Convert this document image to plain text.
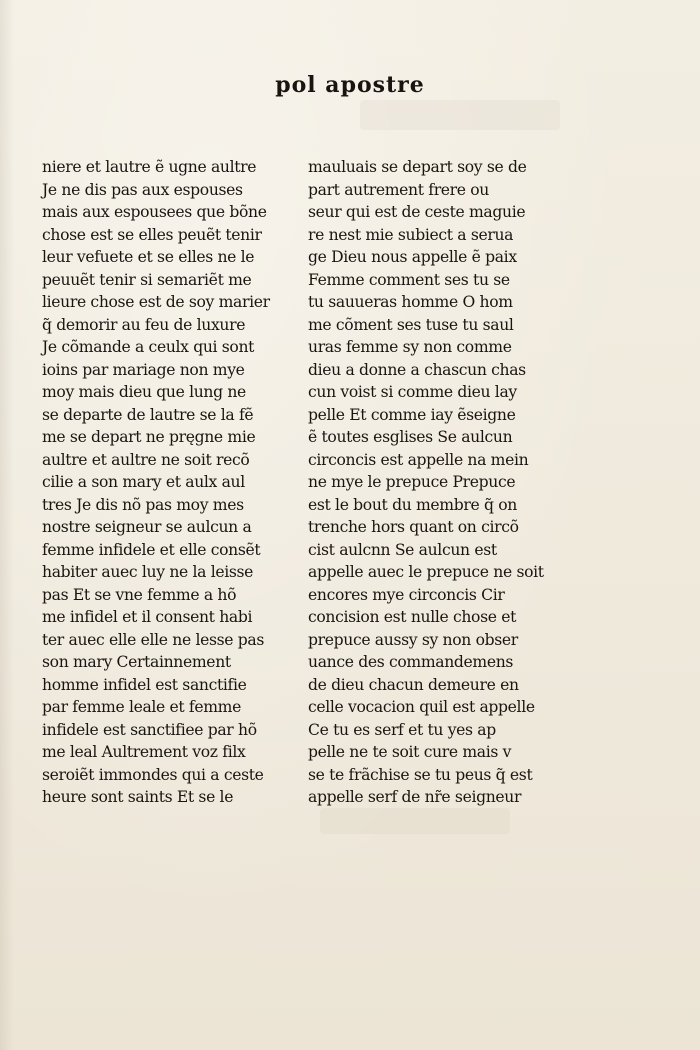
pol apostre
niere et lautre ẽ ugne aultre
Je ne dis pas aux espouses
mais aux espousees que bõne
chose est se elles peuẽt tenir
leur vefuete et se elles ne le
peuuẽt tenir si semariẽt me
lieure chose est de soy marier
q̃ demorir au feu de luxure
Je cõmande a ceulx qui sont
ioins par mariage non mye
moy mais dieu que lung ne
se departe de lautre se la fẽ
me se depart ne pręgne mie
aultre et aultre ne soit recõ
cilie a son mary et aulx aul
tres Je dis nõ pas moy mes
nostre seigneur se aulcun a
femme infidele et elle consẽt
habiter auec luy ne la leisse
pas Et se vne femme a hõ
me infidel et il consent habi
ter auec elle elle ne lesse pas
son mary Certainnement
homme infidel est sanctifie
par femme leale et femme
infidele est sanctifiee par hõ
me leal Aultrement voz filx
seroiẽt immondes qui a ceste
heure sont saints Et se le
mauluais se depart soy se de
part autrement frere ou
seur qui est de ceste maguie
re nest mie subiect a serua
ge Dieu nous appelle ẽ paix
Femme comment ses tu se
tu sauueras homme O hom
me cõment ses tuse tu saul
uras femme sy non comme
dieu a donne a chascun chas
cun voist si comme dieu lay
pelle Et comme iay ẽseigne
ẽ toutes esglises Se aulcun
circoncis est appelle na mein
ne mye le prepuce Prepuce
est le bout du membre q̃ on
trenche hors quant on circõ
cist aulcnn Se aulcun est
appelle auec le prepuce ne soit
encores mye circoncis Cir
concision est nulle chose et
prepuce aussy sy non obser
uance des commandemens
de dieu chacun demeure en
celle vocacion quil est appelle
Ce tu es serf et tu yes ap
pelle ne te soit cure mais v
se te frãchise se tu peus q̃ est
appelle serf de nr̃e seigneur
